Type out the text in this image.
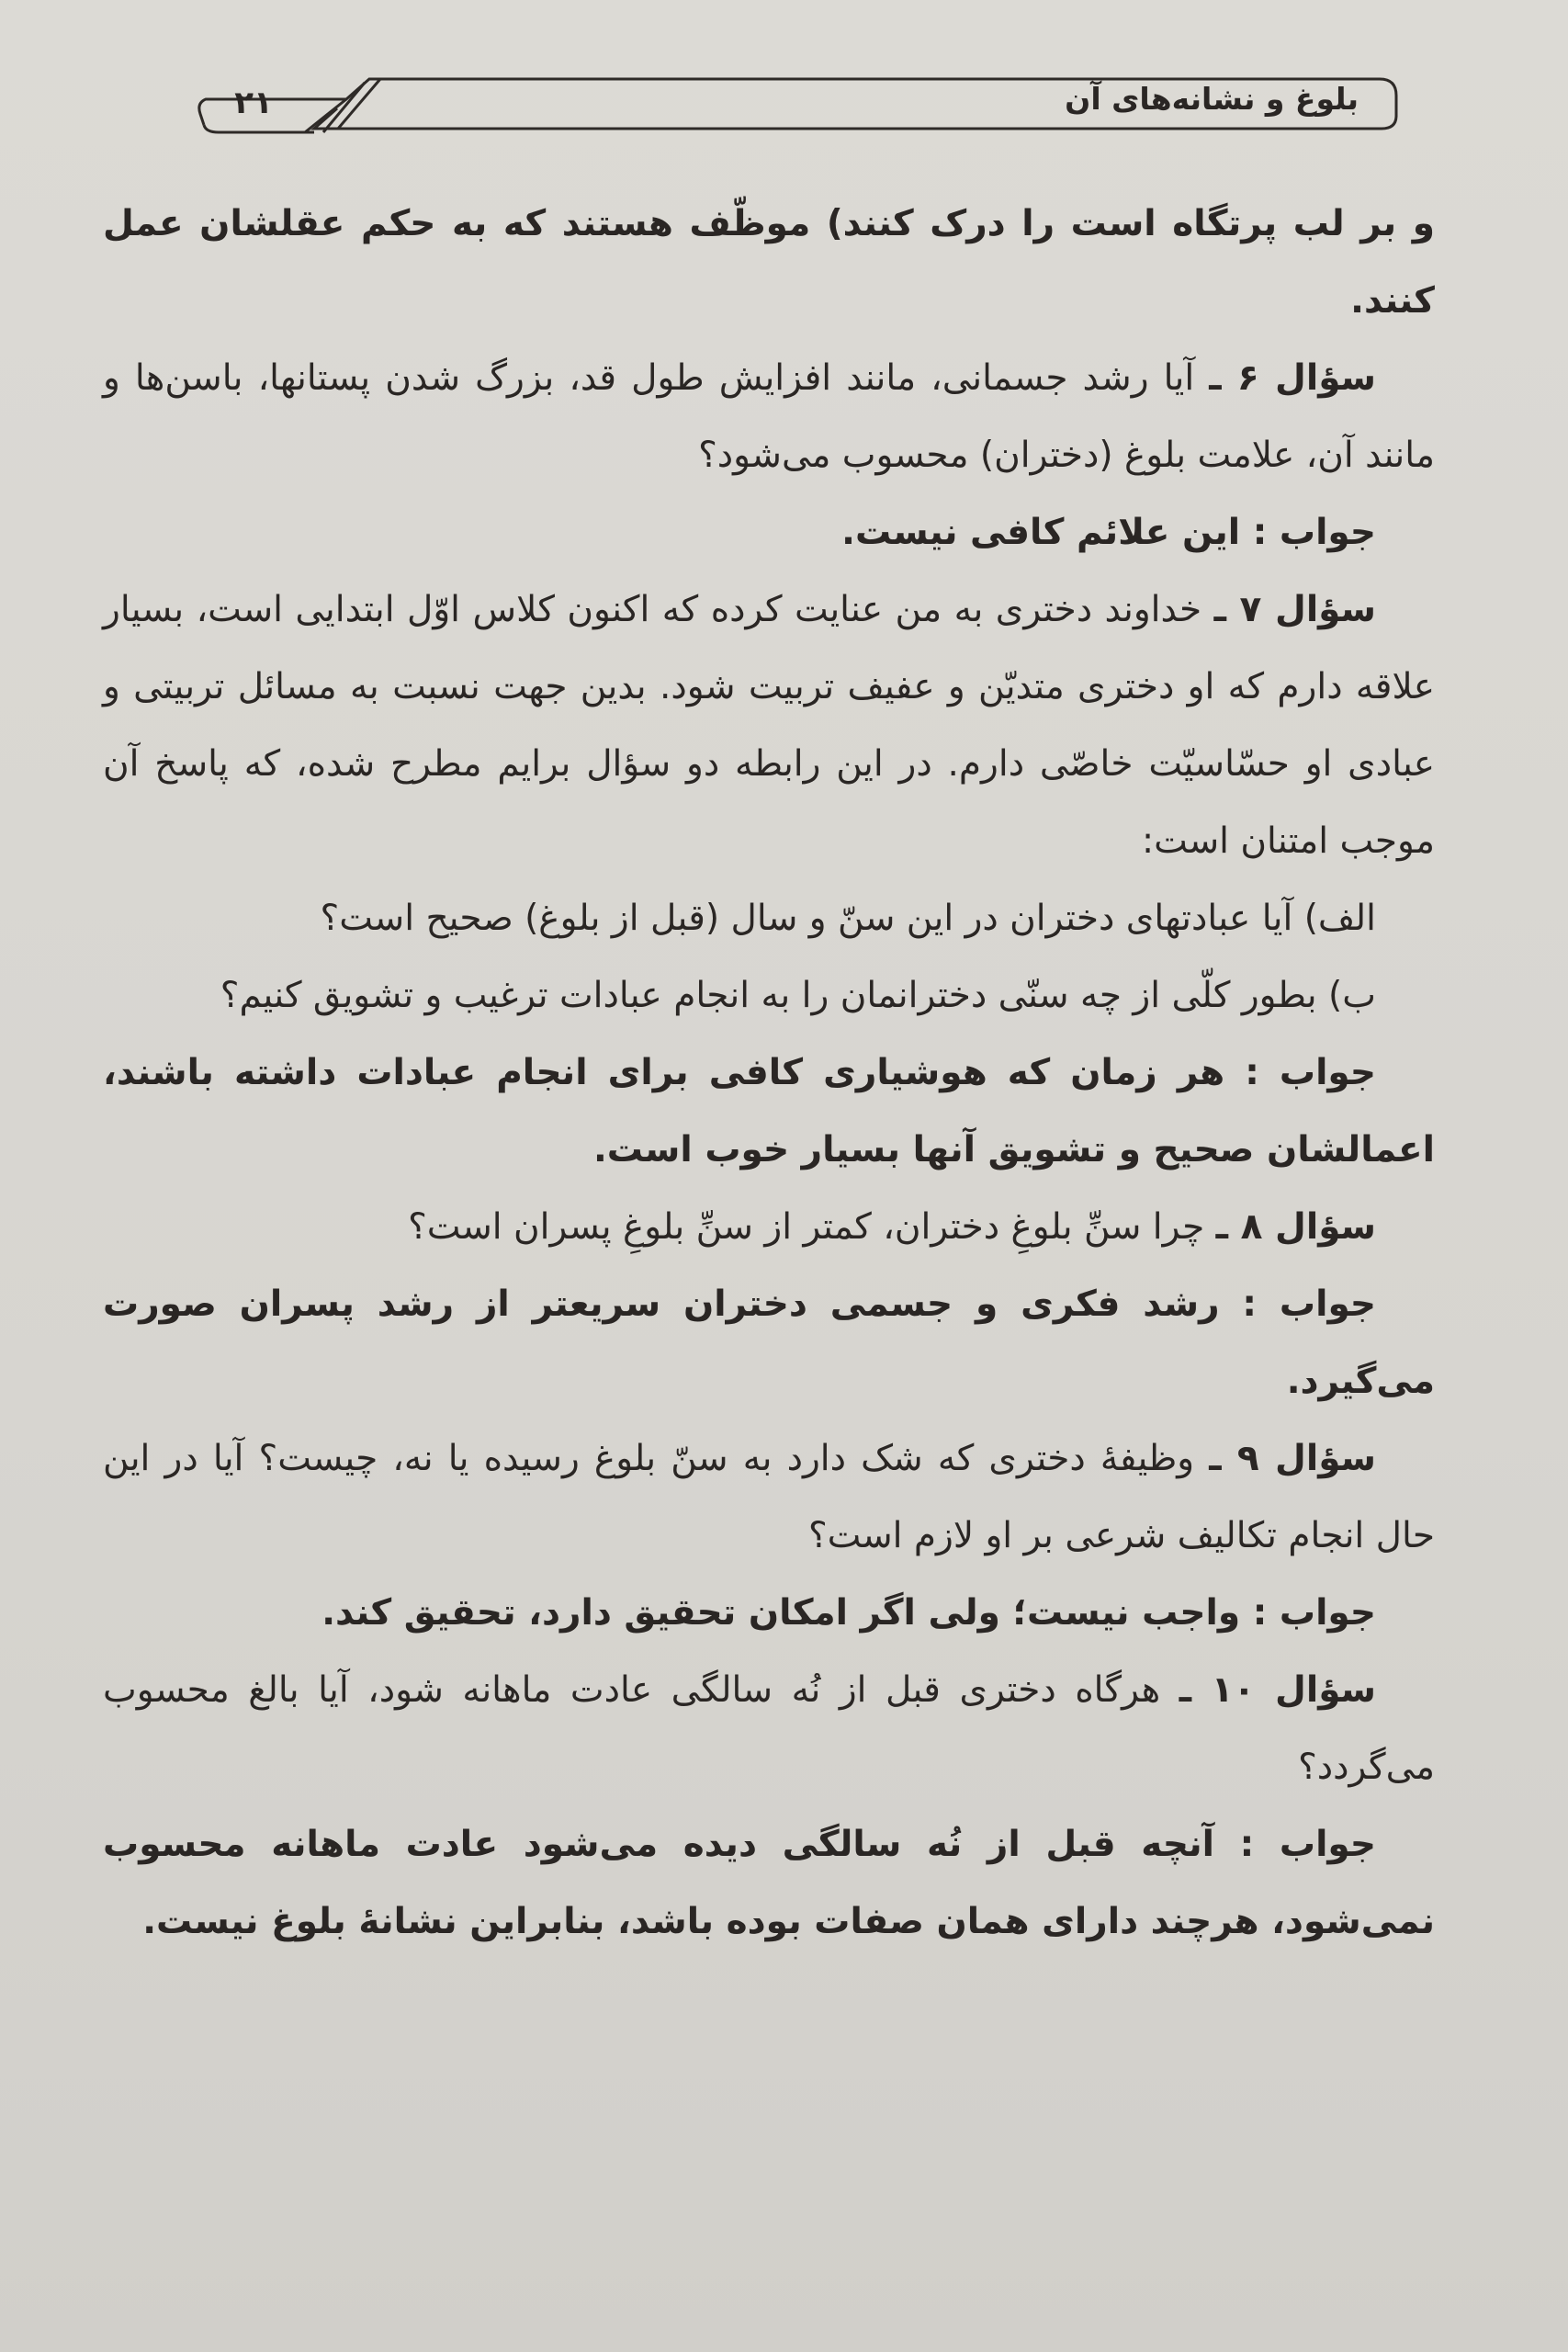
۲۱	بلوغ و نشانه‌های آن

و بر لب پرتگاه است را درک کنند) موظّف هستند که به حکم عقلشان عمل کنند.

سؤال ۶ ـ آیا رشد جسمانی، مانند افزایش طول قد، بزرگ شدن پستانها، باسن‌ها و مانند آن، علامت بلوغ (دختران) محسوب می‌شود؟

جواب : این علائم کافی نیست.

سؤال ۷ ـ خداوند دختری به من عنایت کرده که اکنون کلاس اوّل ابتدایی است، بسیار علاقه دارم که او دختری متدیّن و عفیف تربیت شود. بدین جهت نسبت به مسائل تربیتی و عبادی او حسّاسیّت خاصّی دارم. در این رابطه دو سؤال برایم مطرح شده، که پاسخ آن موجب امتنان است:

الف) آیا عبادتهای دختران در این سنّ و سال (قبل از بلوغ) صحیح است؟

ب) بطور کلّی از چه سنّی دخترانمان را به انجام عبادات ترغیب و تشویق کنیم؟

جواب : هر زمان که هوشیاری کافی برای انجام عبادات داشته باشند، اعمالشان صحیح و تشویق آنها بسیار خوب است.

سؤال ۸ ـ چرا سنِّ بلوغِ دختران، کمتر از سنِّ بلوغِ پسران است؟

جواب : رشد فکری و جسمی دختران سریعتر از رشد پسران صورت می‌گیرد.

سؤال ۹ ـ وظیفهٔ دختری که شک دارد به سنّ بلوغ رسیده یا نه، چیست؟ آیا در این حال انجام تکالیف شرعی بر او لازم است؟

جواب : واجب نیست؛ ولی اگر امکان تحقیق دارد، تحقیق کند.

سؤال ۱۰ ـ هرگاه دختری قبل از نُه سالگی عادت ماهانه شود، آیا بالغ محسوب می‌گردد؟

جواب : آنچه قبل از نُه سالگی دیده می‌شود عادت ماهانه محسوب نمی‌شود، هرچند دارای همان صفات بوده باشد، بنابراین نشانهٔ بلوغ نیست.
